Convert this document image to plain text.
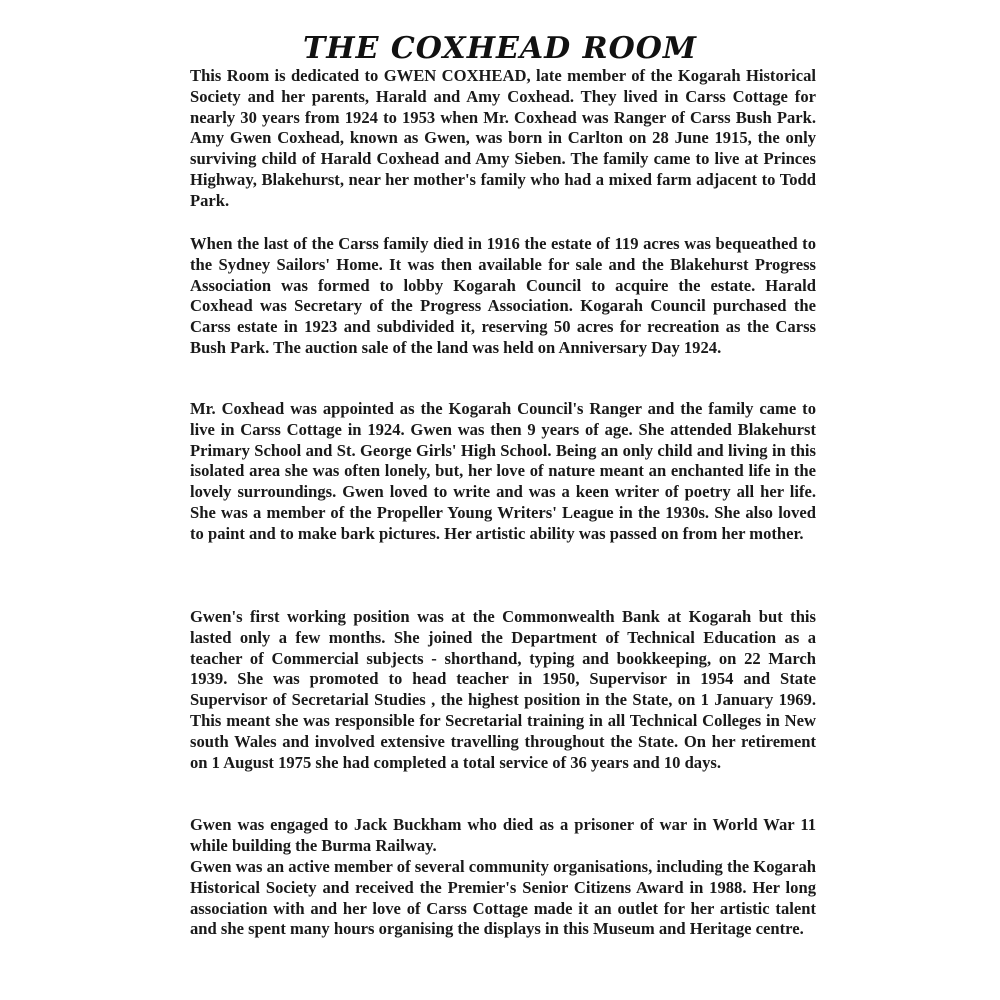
THE COXHEAD ROOM

This Room is dedicated to GWEN COXHEAD, late member of the Kogarah Historical Society and her parents, Harald and Amy Coxhead. They lived in Carss Cottage for nearly 30 years from 1924 to 1953 when Mr. Coxhead was Ranger of Carss Bush Park. Amy Gwen Coxhead, known as Gwen, was born in Carlton on 28 June 1915, the only surviving child of Harald Coxhead and Amy Sieben. The family came to live at Princes Highway, Blakehurst, near her mother's family who had a mixed farm adjacent to Todd Park.

When the last of the Carss family died in 1916 the estate of 119 acres was bequeathed to the Sydney Sailors' Home. It was then available for sale and the Blakehurst Progress Association was formed to lobby Kogarah Council to acquire the estate. Harald Coxhead was Secretary of the Progress Association. Kogarah Council purchased the Carss estate in 1923 and subdivided it, reserving 50 acres for recreation as the Carss Bush Park. The auction sale of the land was held on Anniversary Day 1924.

Mr. Coxhead was appointed as the Kogarah Council's Ranger and the family came to live in Carss Cottage in 1924. Gwen was then 9 years of age. She attended Blakehurst Primary School and St. George Girls' High School. Being an only child and living in this isolated area she was often lonely, but, her love of nature meant an enchanted life in the lovely surroundings. Gwen loved to write and was a keen writer of poetry all her life. She was a member of the Propeller Young Writers' League in the 1930s. She also loved to paint and to make bark pictures. Her artistic ability was passed on from her mother.

Gwen's first working position was at the Commonwealth Bank at Kogarah but this lasted only a few months. She joined the Department of Technical Education as a teacher of Commercial subjects - shorthand, typing and bookkeeping, on 22 March 1939. She was promoted to head teacher in 1950, Supervisor in 1954 and State Supervisor of Secretarial Studies , the highest position in the State, on 1 January 1969. This meant she was responsible for Secretarial training in all Technical Colleges in New south Wales and involved extensive travelling throughout the State. On her retirement on 1 August 1975 she had completed a total service of 36 years and 10 days.

Gwen was engaged to Jack Buckham who died as a prisoner of war in World War 11 while building the Burma Railway.

Gwen was an active member of several community organisations, including the Kogarah Historical Society and received the Premier's Senior Citizens Award in 1988. Her long association with and her love of Carss Cottage made it an outlet for her artistic talent and she spent many hours organising the displays in this Museum and Heritage centre.
